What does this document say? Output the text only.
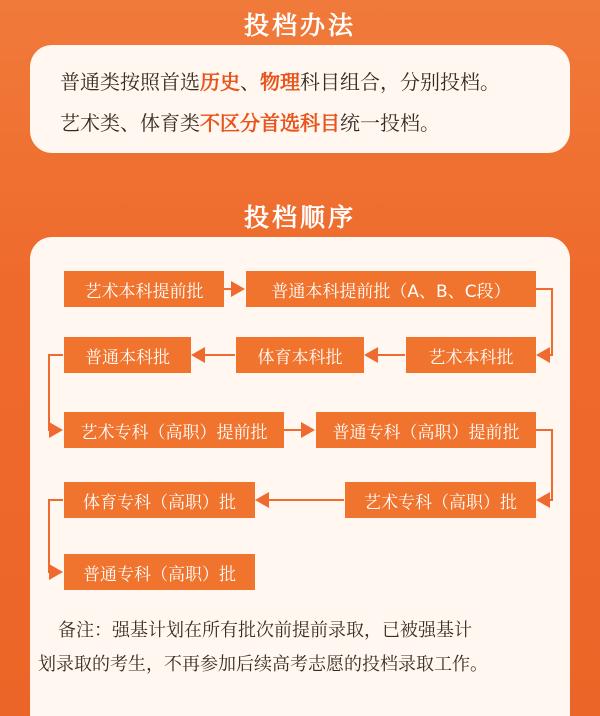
投档办法
普通类按照首选历史、物理科目组合，分别投档。
艺术类、体育类不区分首选科目统一投档。
投档顺序
艺术本科提前批	普通本科提前批（A、B、C段）
艺术本科批
体育本科批
普通本科批
艺术专科（高职）提前批	普通专科（高职）提前批
艺术专科（高职）批
体育专科（高职）批
普通专科（高职）批
备注：强基计划在所有批次前提前录取，已被强基计
划录取的考生，不再参加后续高考志愿的投档录取工作。
